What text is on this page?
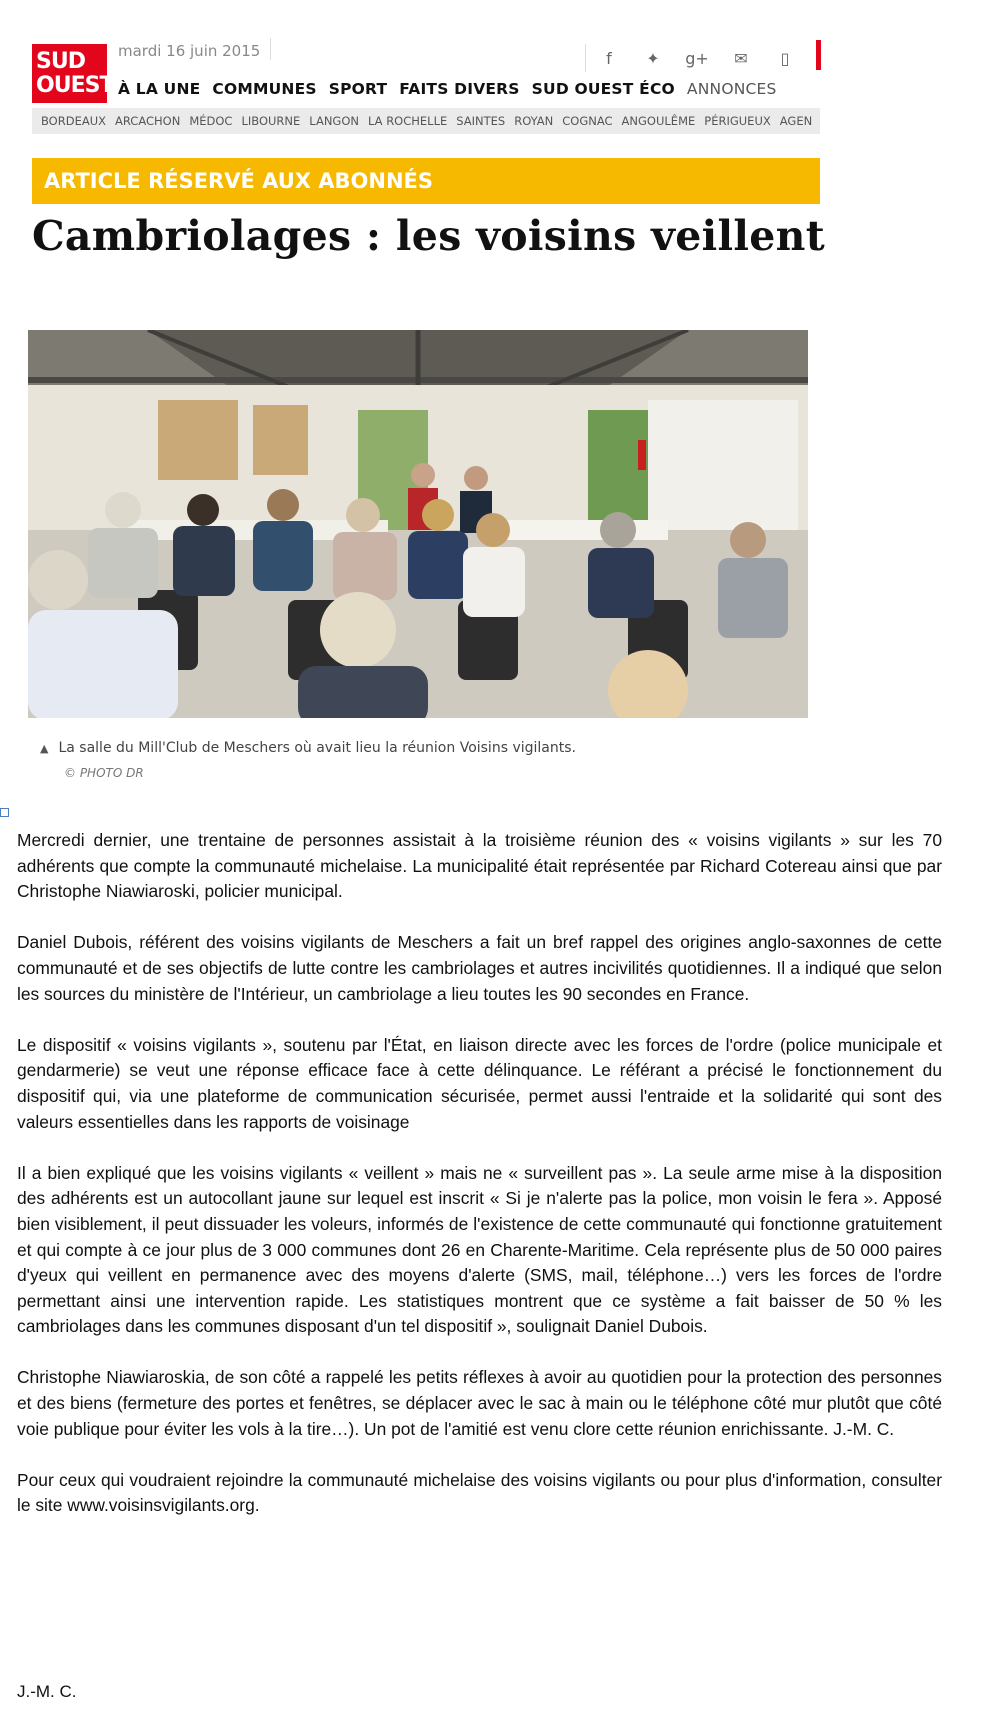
SUD
OUEST
mardi 16 juin 2015	f	✦ g+ ✉	▯
À LA UNE COMMUNES SPORT FAITS DIVERS SUD OUEST ÉCO ANNONCES
BORDEAUX ARCACHON MÉDOC LIBOURNE LANGON LA ROCHELLE SAINTES ROYAN COGNAC ANGOULÊME PÉRIGUEUX AGEN
ARTICLE RÉSERVÉ AUX ABONNÉS
Cambriolages : les voisins veillent
▲ La salle du Mill'Club de Meschers où avait lieu la réunion Voisins vigilants.
© PHOTO DR

Mercredi dernier, une trentaine de personnes assistait à la troisième réunion des « voisins vigilants » sur les 70 adhérents que compte la communauté michelaise. La municipalité était représentée par Richard Cotereau ainsi que par Christophe Niawiaroski, policier municipal.

Daniel Dubois, référent des voisins vigilants de Meschers a fait un bref rappel des origines anglo-saxonnes de cette communauté et de ses objectifs de lutte contre les cambriolages et autres incivilités quotidiennes. Il a indiqué que selon les sources du ministère de l'Intérieur, un cambriolage a lieu toutes les 90 secondes en France.

Le dispositif « voisins vigilants », soutenu par l'État, en liaison directe avec les forces de l'ordre (police municipale et gendarmerie) se veut une réponse efficace face à cette délinquance. Le référant a précisé le fonctionnement du dispositif qui, via une plateforme de communication sécurisée, permet aussi l'entraide et la solidarité qui sont des valeurs essentielles dans les rapports de voisinage

Il a bien expliqué que les voisins vigilants « veillent » mais ne « surveillent pas ». La seule arme mise à la disposition des adhérents est un autocollant jaune sur lequel est inscrit « Si je n'alerte pas la police, mon voisin le fera ». Apposé bien visiblement, il peut dissuader les voleurs, informés de l'existence de cette communauté qui fonctionne gratuitement et qui compte à ce jour plus de 3 000 communes dont 26 en Charente-Maritime. Cela représente plus de 50 000 paires d'yeux qui veillent en permanence avec des moyens d'alerte (SMS, mail, téléphone…) vers les forces de l'ordre permettant ainsi une intervention rapide. Les statistiques montrent que ce système a fait baisser de 50 % les cambriolages dans les communes disposant d'un tel dispositif », soulignait Daniel Dubois.

Christophe Niawiaroskia, de son côté a rappelé les petits réflexes à avoir au quotidien pour la protection des personnes et des biens (fermeture des portes et fenêtres, se déplacer avec le sac à main ou le téléphone côté mur plutôt que côté voie publique pour éviter les vols à la tire…). Un pot de l'amitié est venu clore cette réunion enrichissante. J.-M. C.

Pour ceux qui voudraient rejoindre la communauté michelaise des voisins vigilants ou pour plus d'information, consulter le site www.voisinsvigilants.org.

J.-M. C.
